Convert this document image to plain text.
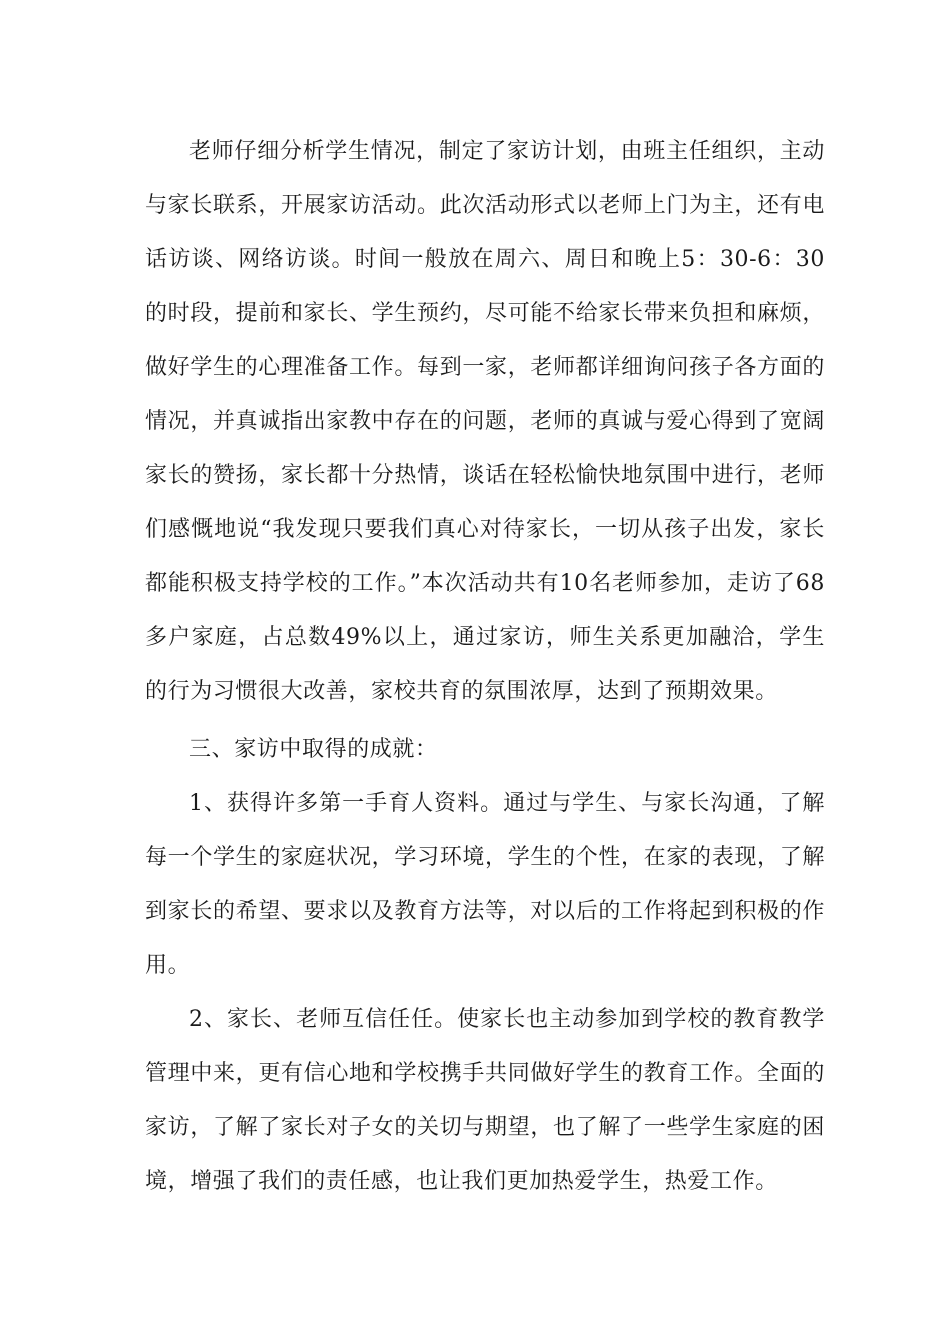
老师仔细分析学生情况，制定了家访计划，由班主任组织，主动与家长联系，开展家访活动。此次活动形式以老师上门为主，还有电话访谈、网络访谈。时间一般放在周六、周日和晚上5：30-6：30的时段，提前和家长、学生预约，尽可能不给家长带来负担和麻烦，做好学生的心理准备工作。每到一家，老师都详细询问孩子各方面的情况，并真诚指出家教中存在的问题，老师的真诚与爱心得到了宽阔家长的赞扬，家长都十分热情，谈话在轻松愉快地氛围中进行，老师们感慨地说“我发现只要我们真心对待家长，一切从孩子出发，家长都能积极支持学校的工作。”本次活动共有10名老师参加，走访了68多户家庭，占总数49%以上，通过家访，师生关系更加融洽，学生的行为习惯很大改善，家校共育的氛围浓厚，达到了预期效果。

三、家访中取得的成就：

1、获得许多第一手育人资料。通过与学生、与家长沟通，了解每一个学生的家庭状况，学习环境，学生的个性，在家的表现，了解到家长的希望、要求以及教育方法等，对以后的工作将起到积极的作用。

2、家长、老师互信任任。使家长也主动参加到学校的教育教学管理中来，更有信心地和学校携手共同做好学生的教育工作。全面的家访，了解了家长对子女的关切与期望，也了解了一些学生家庭的困境，增强了我们的责任感，也让我们更加热爱学生，热爱工作。
